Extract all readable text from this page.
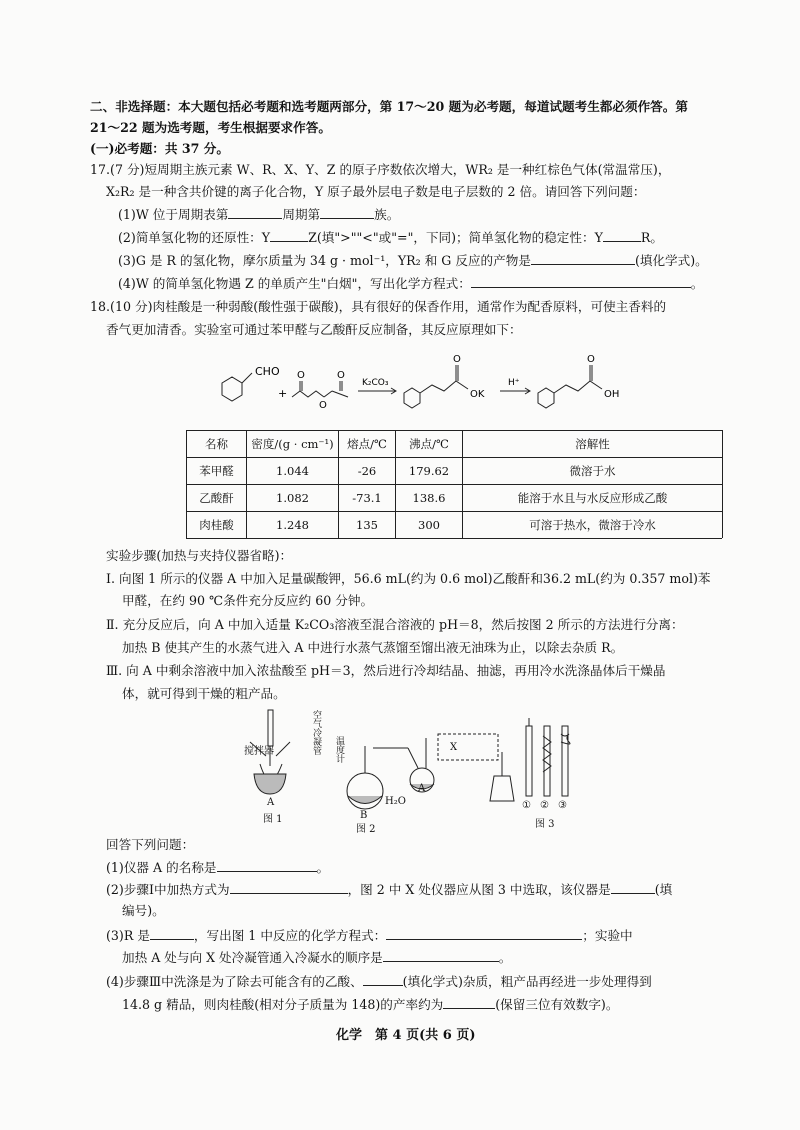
二、非选择题：本大题包括必考题和选考题两部分，第 17～20 题为必考题，每道试题考生都必须作答。第
21～22 题为选考题，考生根据要求作答。
(一)必考题：共 37 分。
17.(7 分)短周期主族元素 W、R、X、Y、Z 的原子序数依次增大，WR₂ 是一种红棕色气体(常温常压)，
X₂R₂ 是一种含共价键的离子化合物，Y 原子最外层电子数是电子层数的 2 倍。请回答下列问题：
(1)W 位于周期表第	周期第	族。
(2)简单氢化物的还原性：Y	Z(填">""<"或"="，下同)；简单氢化物的稳定性：Y	R。
(3)G 是 R 的氢化物，摩尔质量为 34 g · mol⁻¹，YR₂ 和 G 反应的产物是	(填化学式)。
(4)W 的简单氢化物遇 Z 的单质产生"白烟"，写出化学方程式：	。
18.(10 分)肉桂酸是一种弱酸(酸性强于碳酸)，具有很好的保香作用，通常作为配香原料，可使主香料的
香气更加清香。实验室可通过苯甲醛与乙酸酐反应制备，其反应原理如下：
CHO
+
O	O
O
K₂CO₃
O
OK
H⁺
O
OH
名称	密度/(g · cm⁻¹)	熔点/℃	沸点/℃	溶解性
苯甲醛	1.044	-26	179.62	微溶于水
乙酸酐	1.082	-73.1	138.6	能溶于水且与水反应形成乙酸
肉桂酸	1.248	135	300	可溶于热水，微溶于冷水
实验步骤(加热与夹持仪器省略)：
Ⅰ. 向图 1 所示的仪器 A 中加入足量碳酸钾，56.6 mL(约为 0.6 mol)乙酸酐和36.2 mL(约为 0.357 mol)苯
甲醛，在约 90 ℃条件充分反应约 60 分钟。
Ⅱ. 充分反应后，向 A 中加入适量 K₂CO₃溶液至混合溶液的 pH＝8，然后按图 2 所示的方法进行分离：
加热 B 使其产生的水蒸气进入 A 中进行水蒸气蒸馏至馏出液无油珠为止，以除去杂质 R。
Ⅲ. 向 A 中剩余溶液中加入浓盐酸至 pH＝3，然后进行冷却结晶、抽滤，再用冷水洗涤晶体后干燥晶
体，就可得到干燥的粗产品。
搅拌器	空气冷凝管 温度计
A
图 1	B
H₂O
A
X
图 2
① ② ③
图 3
回答下列问题：
(1)仪器 A 的名称是	。
(2)步骤Ⅰ中加热方式为	，图 2 中 X 处仪器应从图 3 中选取，该仪器是	(填
编号)。
(3)R 是	，写出图 1 中反应的化学方程式：	；实验中
加热 A 处与向 X 处冷凝管通入冷凝水的顺序是	。
(4)步骤Ⅲ中洗涤是为了除去可能含有的乙酸、	(填化学式)杂质，粗产品再经进一步处理得到
14.8 g 精品，则肉桂酸(相对分子质量为 148)的产率约为	(保留三位有效数字)。
化学　第 4 页(共 6 页)
